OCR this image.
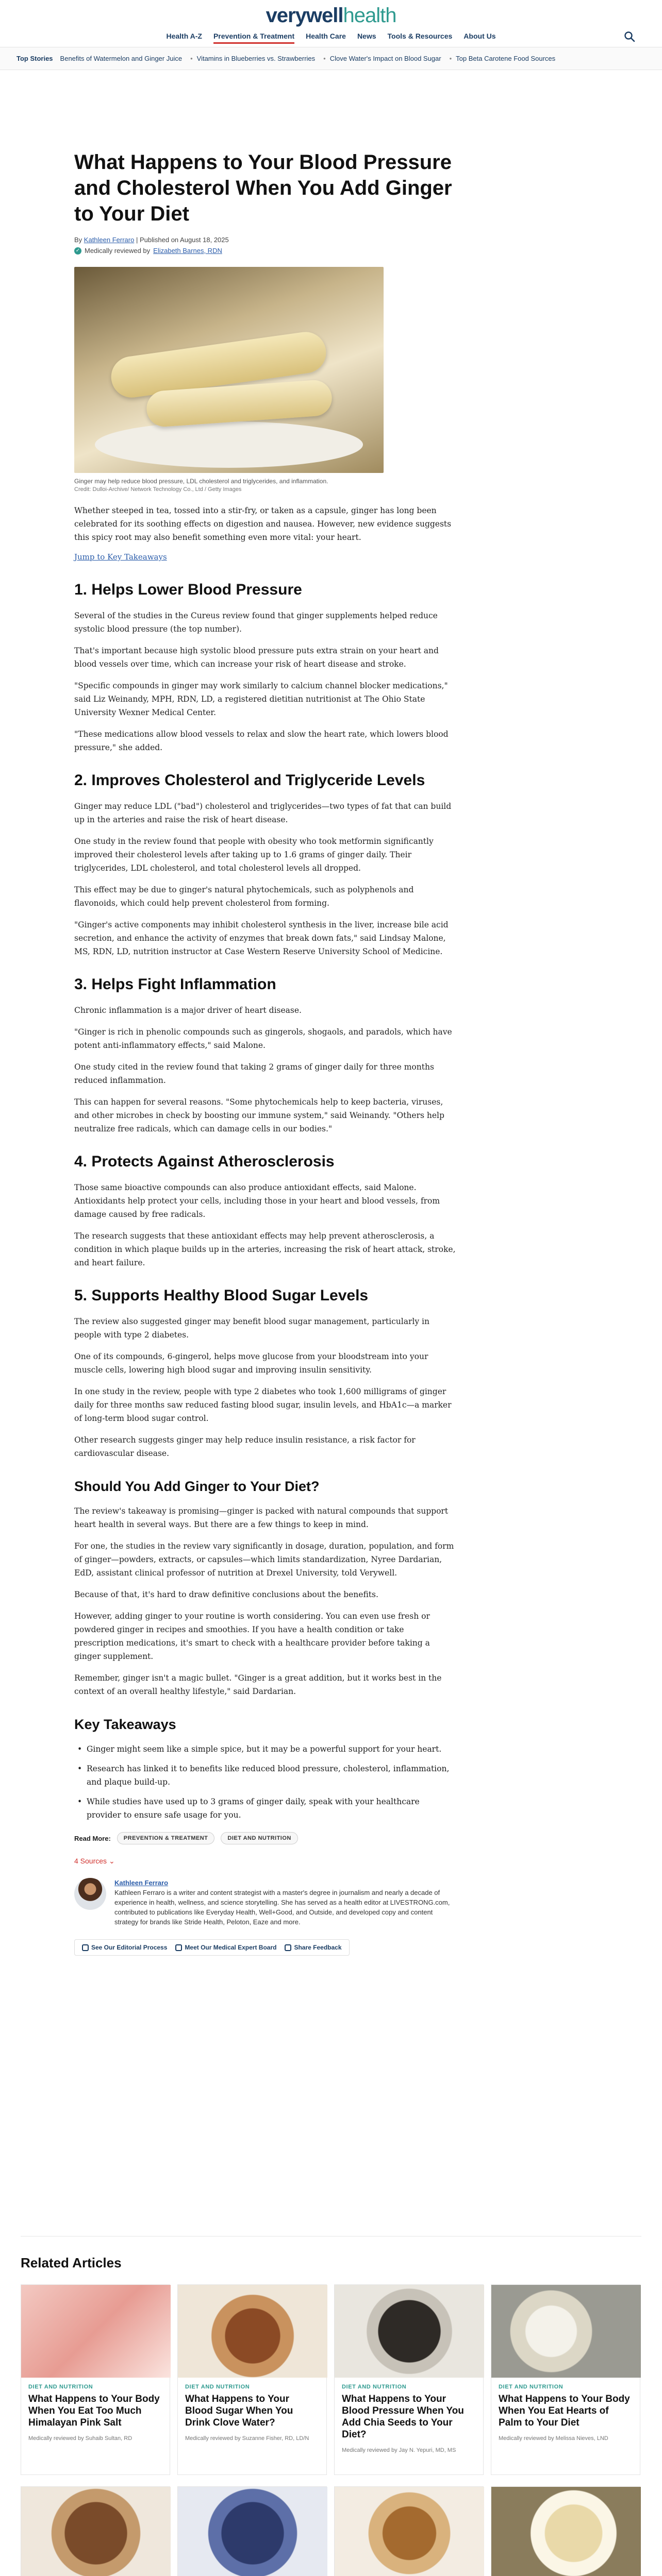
verywellhealth
Health A-Z Prevention & Treatment Health Care News Tools & Resources About Us
Top Stories Benefits of Watermelon and Ginger Juice • Vitamins in Blueberries vs. Strawberries • Clove Water's Impact on Blood Sugar • Top Beta Carotene Food Sources
What Happens to Your Blood Pressure and Cholesterol When You Add Ginger to Your Diet
By Kathleen Ferraro | Published on August 18, 2025
✓ Medically reviewed by Elizabeth Barnes, RDN
Ginger may help reduce blood pressure, LDL cholesterol and triglycerides, and inflammation.
Credit: Dulloi-Archive/ Network Technology Co., Ltd / Getty Images

Whether steeped in tea, tossed into a stir-fry, or taken as a capsule, ginger has long been celebrated for its soothing effects on digestion and nausea. However, new evidence suggests this spicy root may also benefit something even more vital: your heart.

Jump to Key Takeaways
1. Helps Lower Blood Pressure

Several of the studies in the Cureus review found that ginger supplements helped reduce systolic blood pressure (the top number).

That's important because high systolic blood pressure puts extra strain on your heart and blood vessels over time, which can increase your risk of heart disease and stroke.

"Specific compounds in ginger may work similarly to calcium channel blocker medications," said Liz Weinandy, MPH, RDN, LD, a registered dietitian nutritionist at The Ohio State University Wexner Medical Center.

"These medications allow blood vessels to relax and slow the heart rate, which lowers blood pressure," she added.

2. Improves Cholesterol and Triglyceride Levels

Ginger may reduce LDL ("bad") cholesterol and triglycerides—two types of fat that can build up in the arteries and raise the risk of heart disease.

One study in the review found that people with obesity who took metformin significantly improved their cholesterol levels after taking up to 1.6 grams of ginger daily. Their triglycerides, LDL cholesterol, and total cholesterol levels all dropped.

This effect may be due to ginger's natural phytochemicals, such as polyphenols and flavonoids, which could help prevent cholesterol from forming.

"Ginger's active components may inhibit cholesterol synthesis in the liver, increase bile acid secretion, and enhance the activity of enzymes that break down fats," said Lindsay Malone, MS, RDN, LD, nutrition instructor at Case Western Reserve University School of Medicine.

3. Helps Fight Inflammation

Chronic inflammation is a major driver of heart disease.

"Ginger is rich in phenolic compounds such as gingerols, shogaols, and paradols, which have potent anti-inflammatory effects," said Malone.

One study cited in the review found that taking 2 grams of ginger daily for three months reduced inflammation.

This can happen for several reasons. "Some phytochemicals help to keep bacteria, viruses, and other microbes in check by boosting our immune system," said Weinandy. "Others help neutralize free radicals, which can damage cells in our bodies."

4. Protects Against Atherosclerosis

Those same bioactive compounds can also produce antioxidant effects, said Malone. Antioxidants help protect your cells, including those in your heart and blood vessels, from damage caused by free radicals.

The research suggests that these antioxidant effects may help prevent atherosclerosis, a condition in which plaque builds up in the arteries, increasing the risk of heart attack, stroke, and heart failure.

5. Supports Healthy Blood Sugar Levels

The review also suggested ginger may benefit blood sugar management, particularly in people with type 2 diabetes.

One of its compounds, 6-gingerol, helps move glucose from your bloodstream into your muscle cells, lowering high blood sugar and improving insulin sensitivity.

In one study in the review, people with type 2 diabetes who took 1,600 milligrams of ginger daily for three months saw reduced fasting blood sugar, insulin levels, and HbA1c—a marker of long-term blood sugar control.

Other research suggests ginger may help reduce insulin resistance, a risk factor for cardiovascular disease.

Should You Add Ginger to Your Diet?

The review's takeaway is promising—ginger is packed with natural compounds that support heart health in several ways. But there are a few things to keep in mind.

For one, the studies in the review vary significantly in dosage, duration, population, and form of ginger—powders, extracts, or capsules—which limits standardization, Nyree Dardarian, EdD, assistant clinical professor of nutrition at Drexel University, told Verywell.

Because of that, it's hard to draw definitive conclusions about the benefits.

However, adding ginger to your routine is worth considering. You can even use fresh or powdered ginger in recipes and smoothies. If you have a health condition or take prescription medications, it's smart to check with a healthcare provider before taking a ginger supplement.

Remember, ginger isn't a magic bullet. "Ginger is a great addition, but it works best in the context of an overall healthy lifestyle," said Dardarian.

Key Takeaways
• Ginger might seem like a simple spice, but it may be a powerful support for your heart.
• Research has linked it to benefits like reduced blood pressure, cholesterol, inflammation, and plaque build-up.
• While studies have used up to 3 grams of ginger daily, speak with your healthcare provider to ensure safe usage for you.
Read More:	PREVENTION & TREATMENT	DIET AND NUTRITION
4 Sources ⌄
Kathleen Ferraro
Kathleen Ferraro is a writer and content strategist with a master's degree in journalism and nearly a decade of experience in health, wellness, and science storytelling. She has served as a health editor at LIVESTRONG.com, contributed to publications like Everyday Health, Well+Good, and Outside, and developed copy and content strategy for brands like Stride Health, Peloton, Eaze and more.
See Our Editorial Process	Meet Our Medical Expert Board	Share Feedback
Related Articles
DIET AND NUTRITION
What Happens to Your Body When You Eat Too Much Himalayan Pink Salt
Medically reviewed by Suhaib Sultan, RD
DIET AND NUTRITION
What Happens to Your Blood Sugar When You Drink Clove Water?
Medically reviewed by Suzanne Fisher, RD, LD/N
DIET AND NUTRITION
What Happens to Your Blood Pressure When You Add Chia Seeds to Your Diet?
Medically reviewed by Jay N. Yepuri, MD, MS
DIET AND NUTRITION
What Happens to Your Body When You Eat Hearts of Palm to Your Diet
Medically reviewed by Melissa Nieves, LND
